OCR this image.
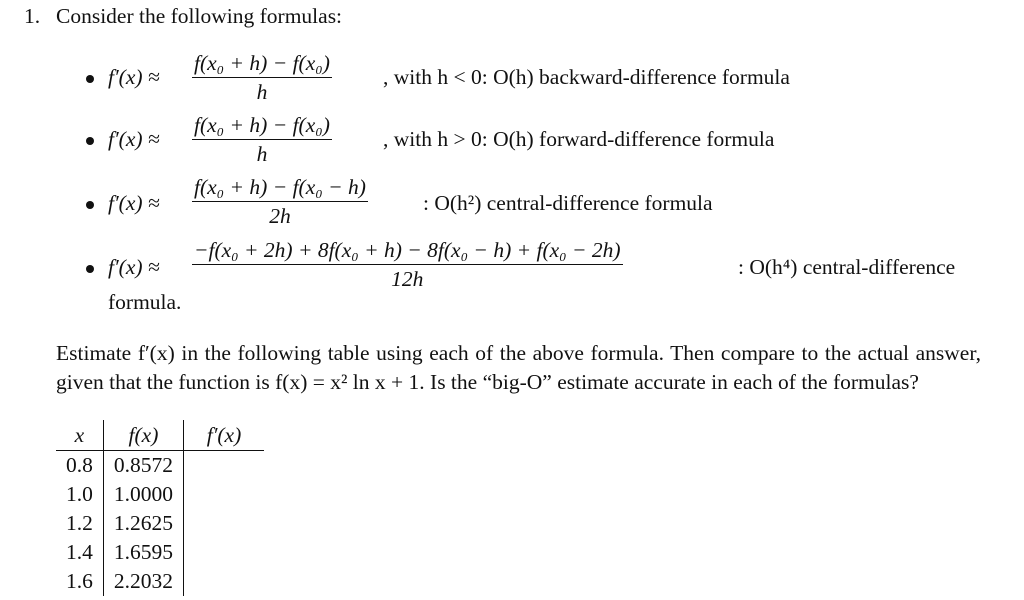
1. Consider the following formulas:
f′(x) ≈
f(x₀ + h) − f(x₀)
h
, with h < 0: O(h) backward-difference formula
f′(x) ≈
f(x₀ + h) − f(x₀)
h
, with h > 0: O(h) forward-difference formula
f′(x) ≈
f(x₀ + h) − f(x₀ − h)
2h
: O(h²) central-difference formula
f′(x) ≈
−f(x₀ + 2h) + 8f(x₀ + h) − 8f(x₀ − h) + f(x₀ − 2h)
12h
: O(h⁴) central-difference
formula.
Estimate f′(x) in the following table using each of the above formula. Then compare to the actual answer, given that the function is f(x) = x² ln x + 1. Is the “big-O” estimate accurate in each of the formulas?
x	f(x)	f′(x)
0.8	0.8572	
1.0	1.0000	
1.2	1.2625	
1.4	1.6595	
1.6	2.2032	
